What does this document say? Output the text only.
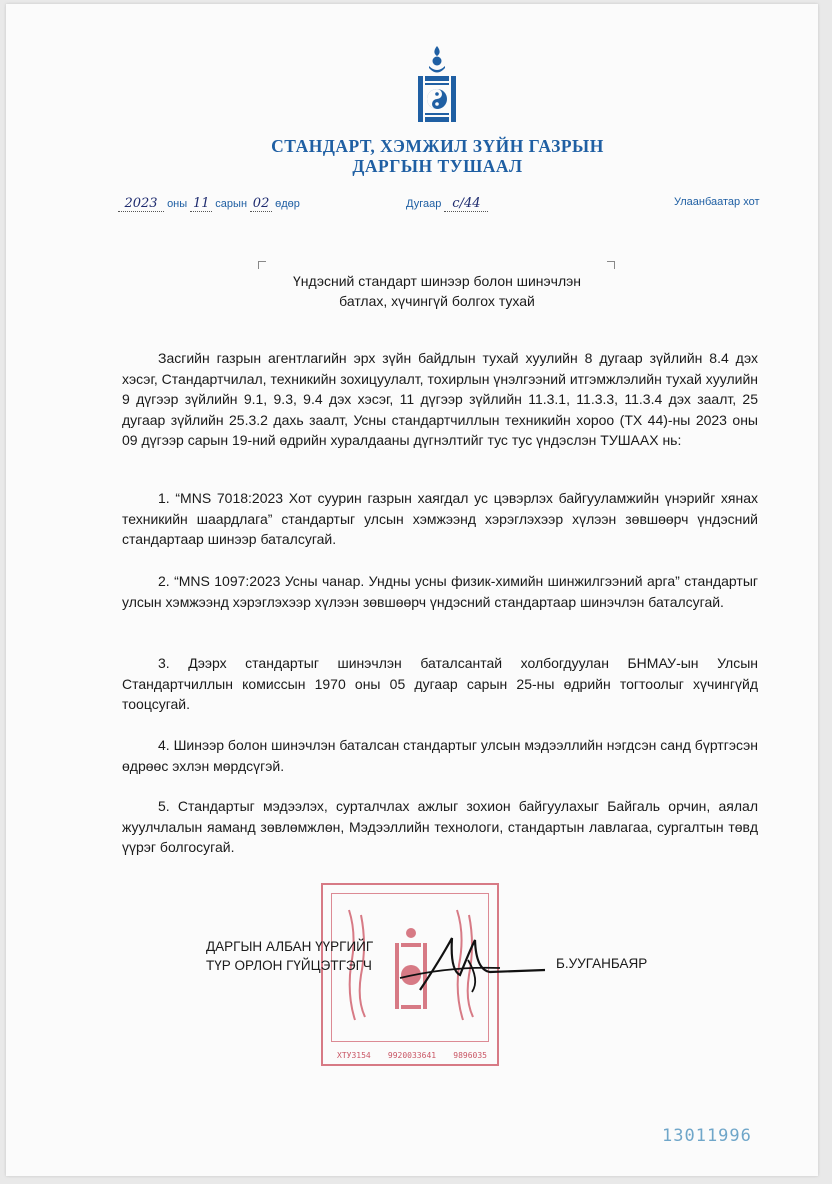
СТАНДАРТ, ХЭМЖИЛ ЗҮЙН ГАЗРЫН
ДАРГЫН ТУШААЛ
2023 оны 11 сарын 02 өдөр	Дугаар с/44	Улаанбаатар хот
Үндэсний стандарт шинээр болон шинэчлэн
батлах, хүчингүй болгох тухай

Засгийн газрын агентлагийн эрх зүйн байдлын тухай хуулийн 8 дугаар зүйлийн 8.4 дэх хэсэг, Стандартчилал, техникийн зохицуулалт, тохирлын үнэлгээний итгэмжлэлийн тухай хуулийн 9 дүгээр зүйлийн 9.1, 9.3, 9.4 дэх хэсэг, 11 дүгээр зүйлийн 11.3.1, 11.3.3, 11.3.4 дэх заалт, 25 дугаар зүйлийн 25.3.2 дахь заалт, Усны стандартчиллын техникийн хороо (ТХ 44)-ны 2023 оны 09 дүгээр сарын 19-ний өдрийн хуралдааны дүгнэлтийг тус тус үндэслэн ТУШААХ нь:

1. “MNS 7018:2023 Хот суурин газрын хаягдал ус цэвэрлэх байгууламжийн үнэрийг хянах техникийн шаардлага” стандартыг улсын хэмжээнд хэрэглэхээр хүлээн зөвшөөрч үндэсний стандартаар шинээр баталсугай.

2. “MNS 1097:2023 Усны чанар. Ундны усны физик-химийн шинжилгээний арга” стандартыг улсын хэмжээнд хэрэглэхээр хүлээн зөвшөөрч үндэсний стандартаар шинэчлэн баталсугай.

3. Дээрх стандартыг шинэчлэн баталсантай холбогдуулан БНМАУ-ын Улсын Стандартчиллын комиссын 1970 оны 05 дугаар сарын 25-ны өдрийн тогтоолыг хүчингүйд тооцсугай.

4. Шинээр болон шинэчлэн баталсан стандартыг улсын мэдээллийн нэгдсэн санд бүртгэсэн өдрөөс эхлэн мөрдсүгэй.

5. Стандартыг мэдээлэх, сурталчлах ажлыг зохион байгуулахыг Байгаль орчин, аялал жуулчлалын яаманд зөвлөмжлөн, Мэдээллийн технологи, стандартын лавлагаа, сургалтын төвд үүрэг болгосугай.

ХТУ3154 9920033641 9896035
ДАРГЫН АЛБАН ҮҮРГИЙГ
ТҮР ОРЛОН ГҮЙЦЭТГЭГЧ	Б.УУГАНБАЯР
13011996
